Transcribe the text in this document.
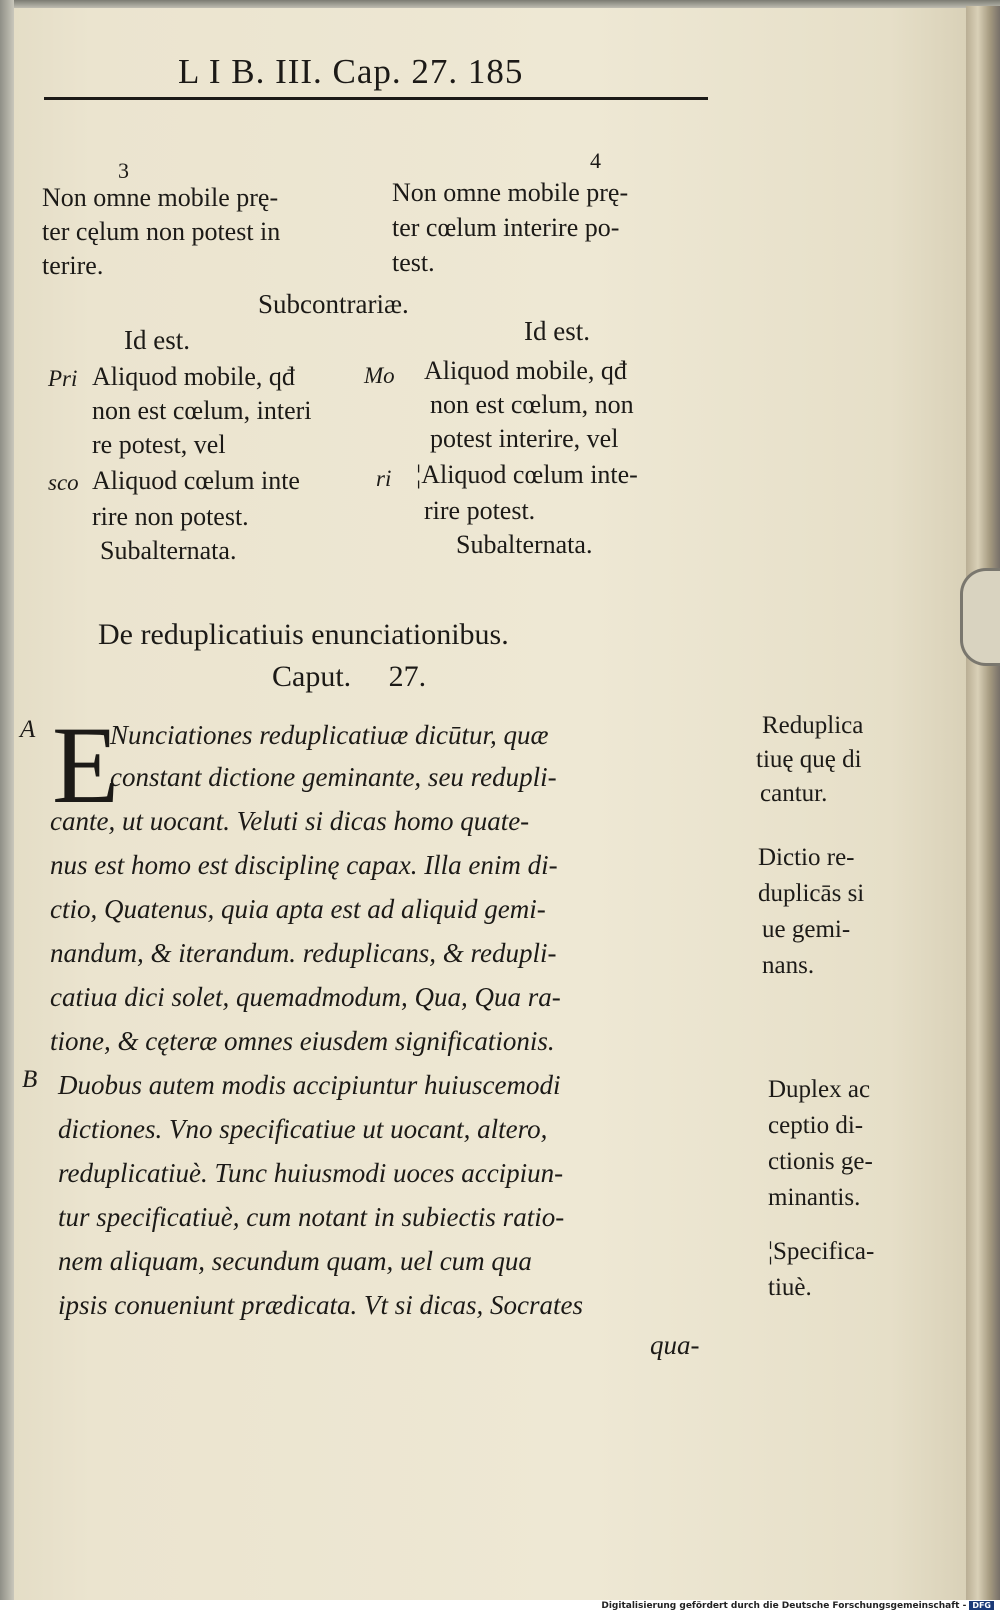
L I B. III. Cap. 27. 185
3
Non omne mobile prę-
ter cęlum non potest in
terire.
4
Non omne mobile prę-
ter cœlum interire po-
test.
Subcontrariæ.
Id est.	Id est.
Pri
sco
Mo
ri
Aliquod mobile, qđ
non est cœlum, interi
re potest, vel
Aliquod cœlum inte
rire non potest.
Subalternata.
Aliquod mobile, qđ
non est cœlum, non
potest interire, vel
¦Aliquod cœlum inte-
rire potest.
Subalternata.
De reduplicatiuis enunciationibus.
Caput.     27.
A E
Nunciationes reduplicatiuæ dicūtur, quæ
constant dictione geminante, seu redupli-
cante, ut uocant. Veluti si dicas homo quate-
nus est homo est disciplinę capax. Illa enim di-
ctio, Quatenus, quia apta est ad aliquid gemi-
nandum, & iterandum. reduplicans, & redupli-
catiua dici solet, quemadmodum, Qua, Qua ra-
tione, & cęteræ omnes eiusdem significationis.
B Duobus autem modis accipiuntur huiuscemodi
dictiones. Vno specificatiue ut uocant, altero,
reduplicatiuè. Tunc huiusmodi uoces accipiun-
tur specificatiuè, cum notant in subiectis ratio-
nem aliquam, secundum quam, uel cum qua
ipsis conueniunt prædicata. Vt si dicas, Socrates
qua-
Reduplica
tiuę quę di
cantur.
Dictio re-
duplicās si
ue gemi-
nans.
Duplex ac
ceptio di-
ctionis ge-
minantis.
¦Specifica-
tiuè.
Digitalisierung gefördert durch die Deutsche Forschungsgemeinschaft - DFG
